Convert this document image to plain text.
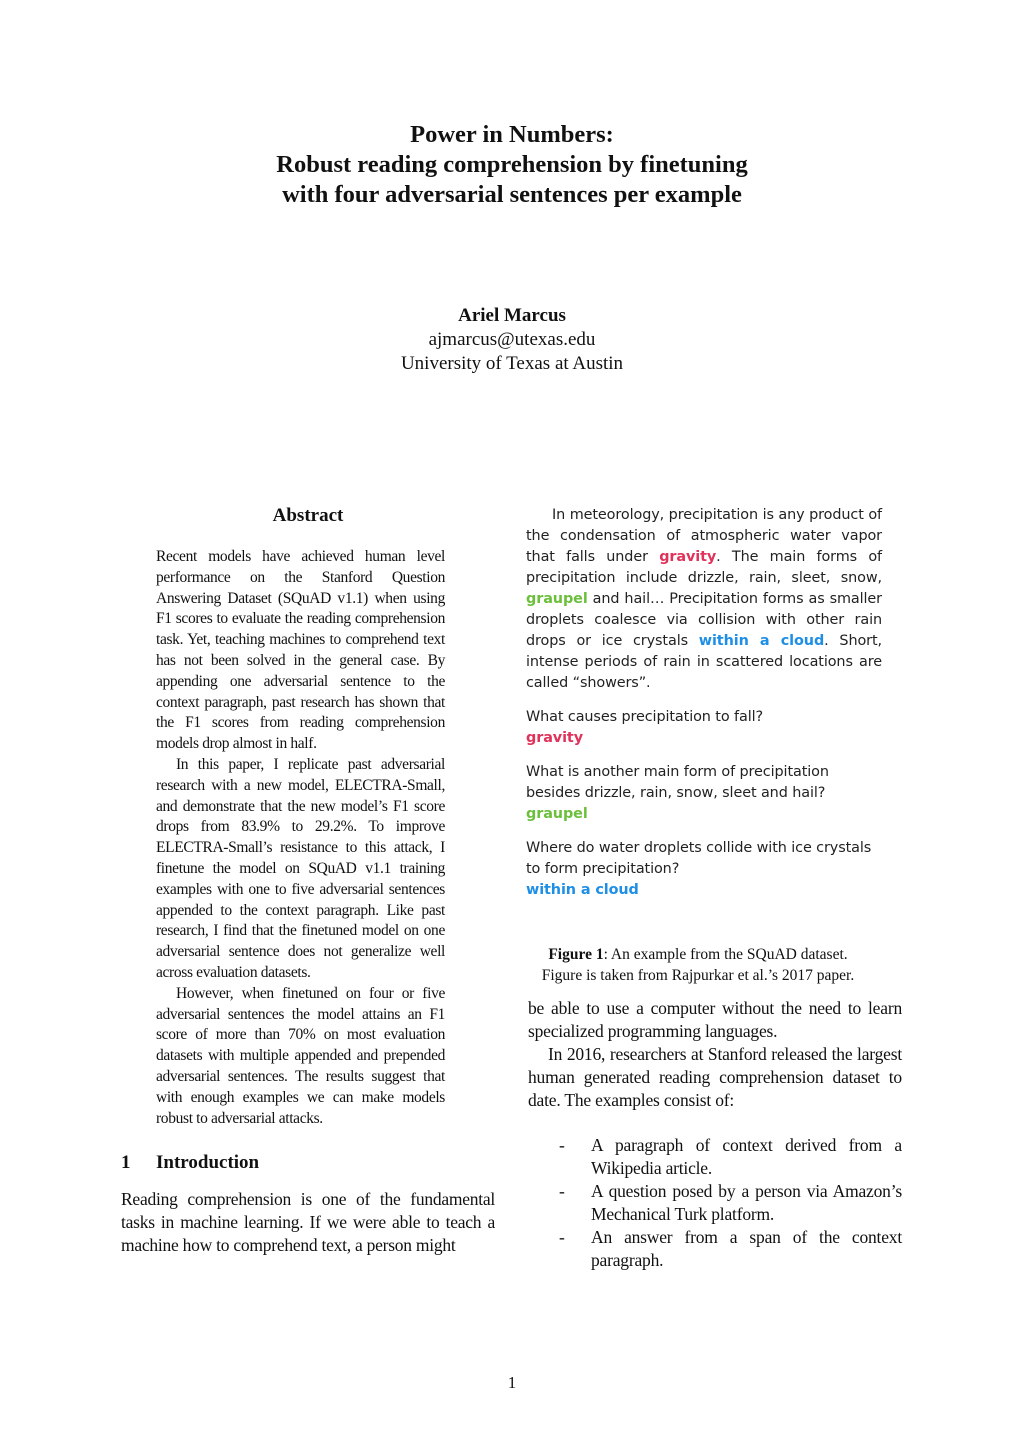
Power in Numbers:
Robust reading comprehension by finetuning
with four adversarial sentences per example
Ariel Marcus
ajmarcus@utexas.edu
University of Texas at Austin
Abstract

Recent models have achieved human level performance on the Stanford Question Answering Dataset (SQuAD v1.1) when using F1 scores to evaluate the reading comprehension task. Yet, teaching machines to comprehend text has not been solved in the general case. By appending one adversarial sentence to the context paragraph, past research has shown that the F1 scores from reading comprehension models drop almost in half.

In this paper, I replicate past adversarial research with a new model, ELECTRA-Small, and demonstrate that the new model’s F1 score drops from 83.9% to 29.2%. To improve ELECTRA-Small’s resistance to this attack, I finetune the model on SQuAD v1.1 training examples with one to five adversarial sentences appended to the context paragraph. Like past research, I find that the finetuned model on one adversarial sentence does not generalize well across evaluation datasets.

However, when finetuned on four or five adversarial sentences the model attains an F1 score of more than 70% on most evaluation datasets with multiple appended and prepended adversarial sentences. The results suggest that with enough examples we can make models robust to adversarial attacks.

1 Introduction
Reading comprehension is one of the fundamental tasks in machine learning. If we were able to teach a machine how to comprehend text, a person might

In meteorology, precipitation is any product of the condensation of atmospheric water vapor that falls under gravity. The main forms of precipitation include drizzle, rain, sleet, snow, graupel and hail… Precipitation forms as smaller droplets coalesce via collision with other rain drops or ice crystals within a cloud. Short, intense periods of rain in scattered locations are called “showers”.

What causes precipitation to fall?

gravity

What is another main form of precipitation besides drizzle, rain, snow, sleet and hail?

graupel

Where do water droplets collide with ice crystals to form precipitation?

within a cloud

Figure 1: An example from the SQuAD dataset.
Figure is taken from Rajpurkar et al.’s 2017 paper.

be able to use a computer without the need to learn specialized programming languages.

In 2016, researchers at Stanford released the largest human generated reading comprehension dataset to date. The examples consist of:

-	A paragraph of context derived from a Wikipedia article.
-	A question posed by a person via Amazon’s Mechanical Turk platform.
-	An answer from a span of the context paragraph.
1
